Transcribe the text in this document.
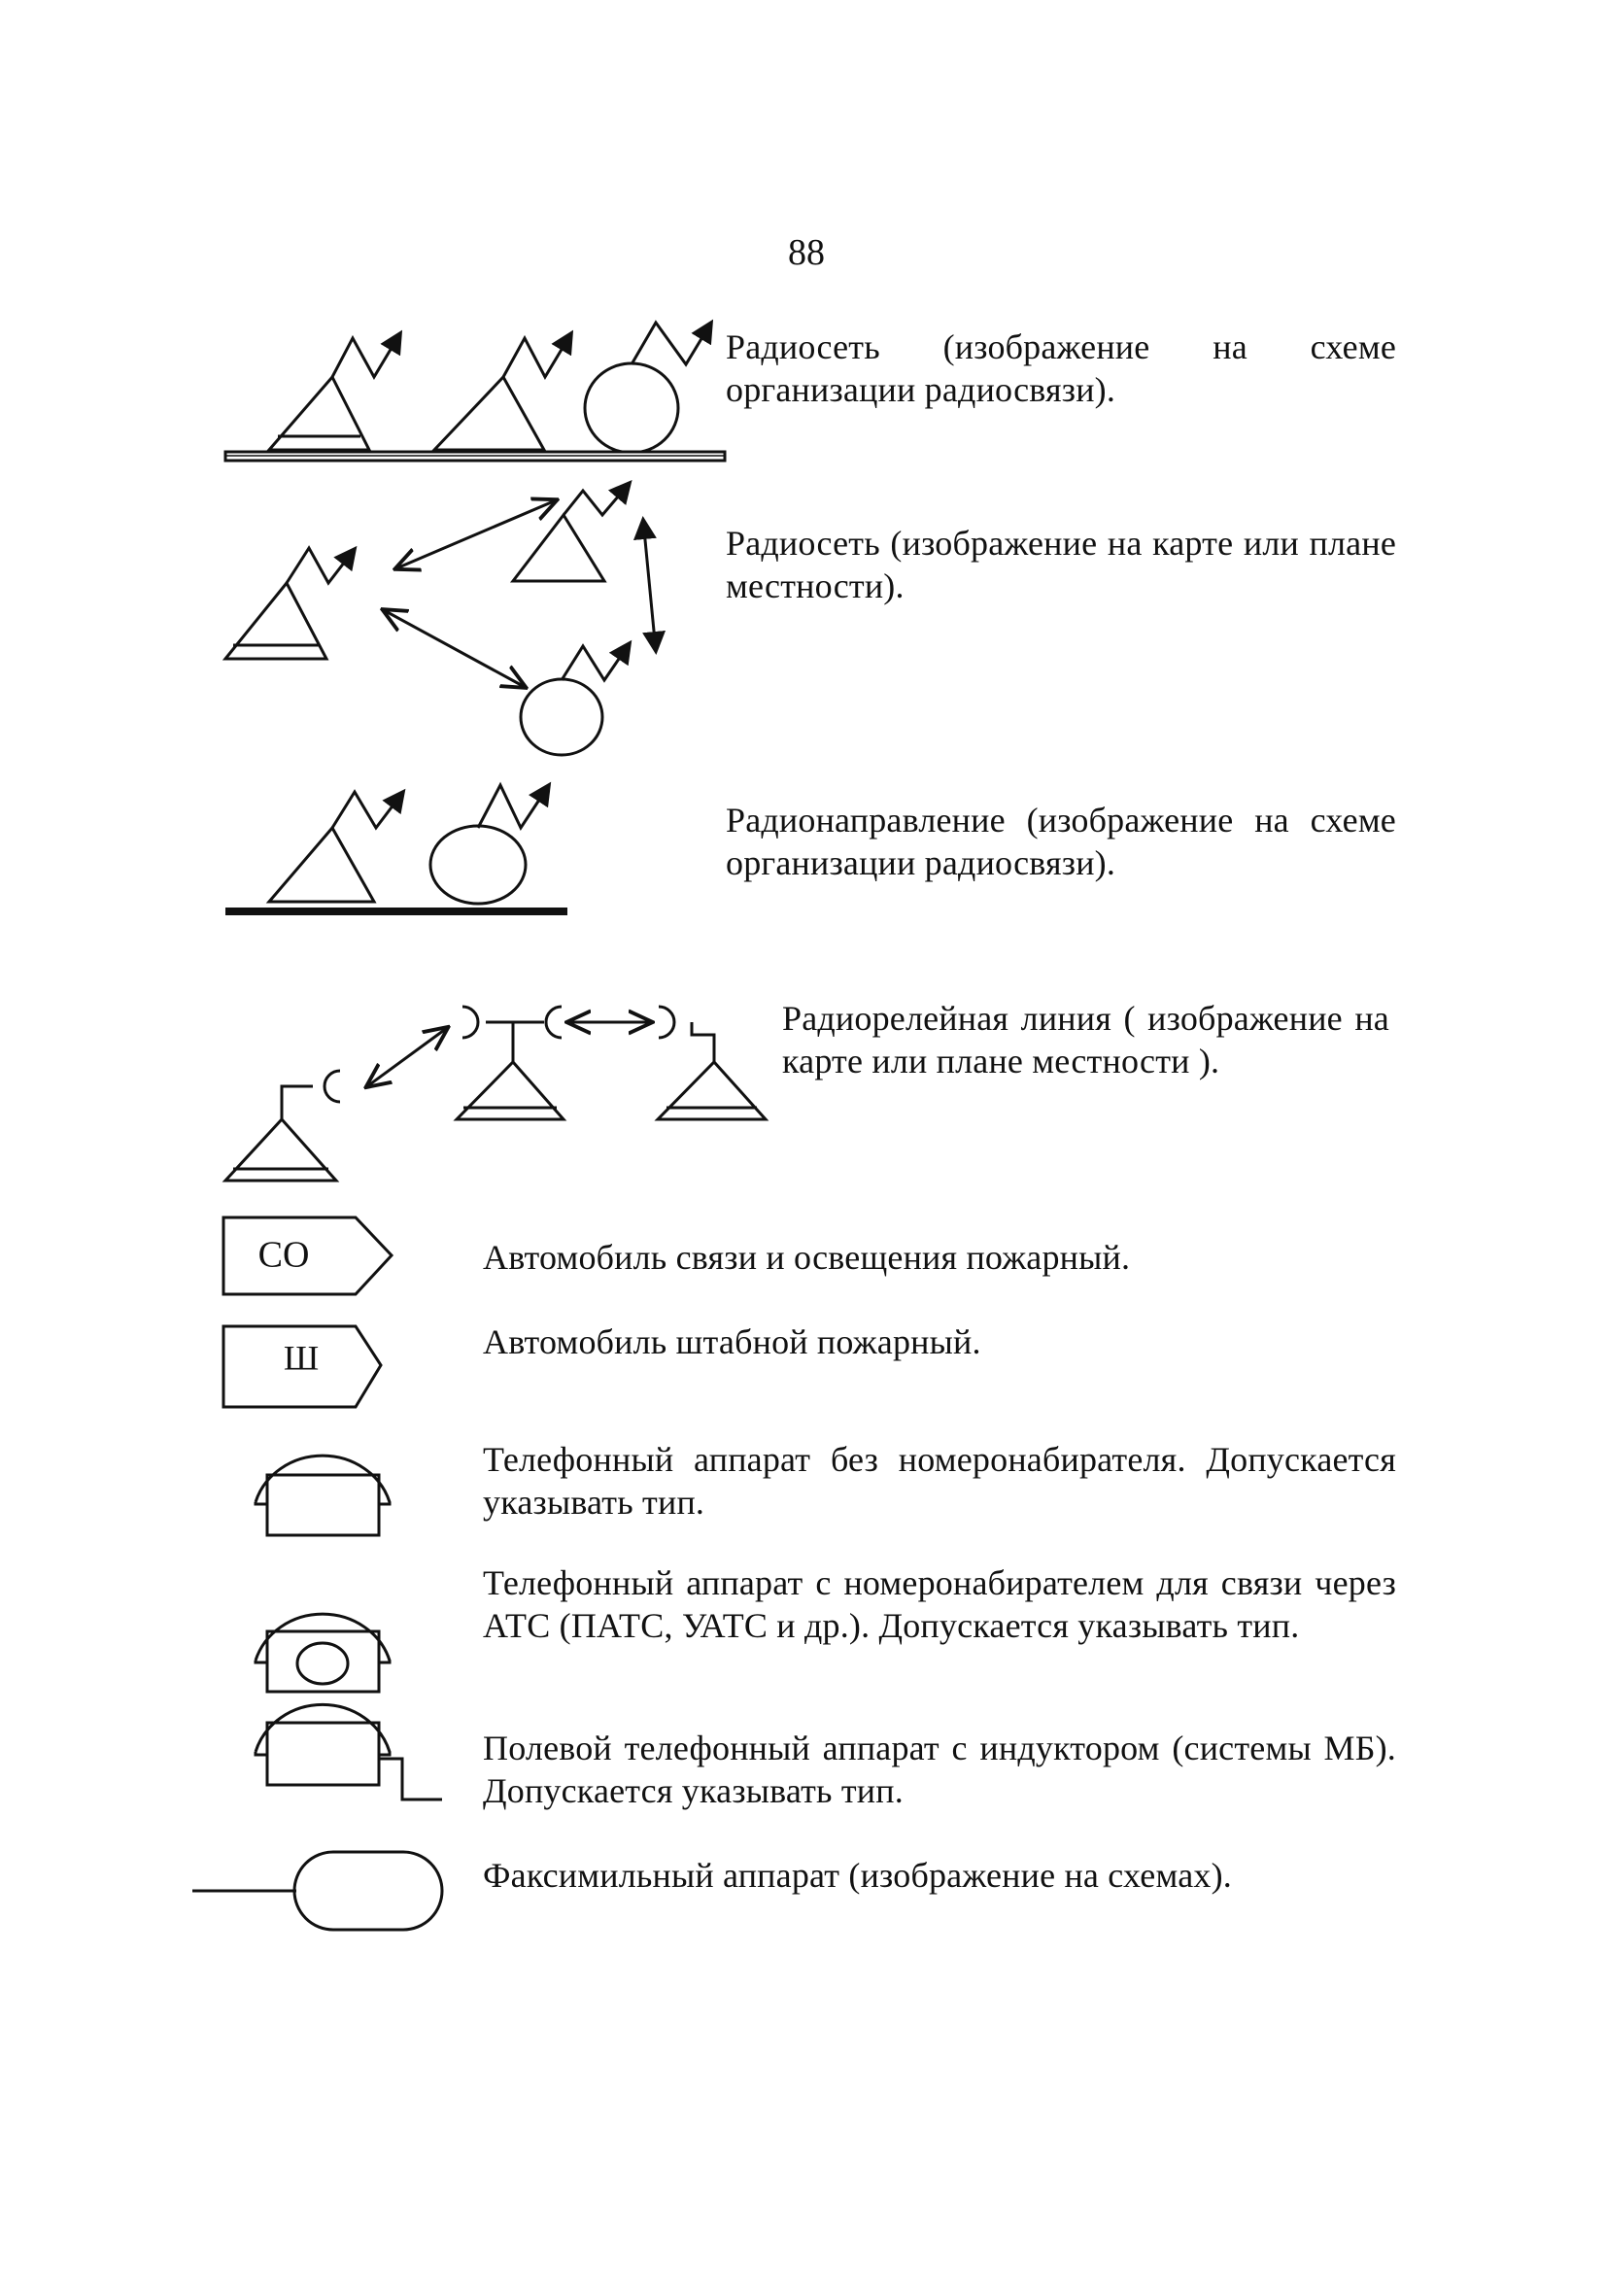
88
СО
Ш
Радиосеть (изображение на схеме организации радиосвязи).
Радиосеть (изображение на карте или плане местности).
Радионаправление (изображение на схеме организации радиосвязи).
Радиорелейная линия ( изображение на карте или плане местности ).
Автомобиль связи и освещения пожарный.
Автомобиль штабной пожарный.
Телефонный аппарат без номеронабирателя. Допускается указывать тип.
Телефонный аппарат с номеронабирателем для связи через АТС (ПАТС, УАТС и др.). Допускается указывать тип.
Полевой телефонный аппарат с индуктором (системы МБ). Допускается указывать тип.
Факсимильный аппарат (изображение на схемах).
